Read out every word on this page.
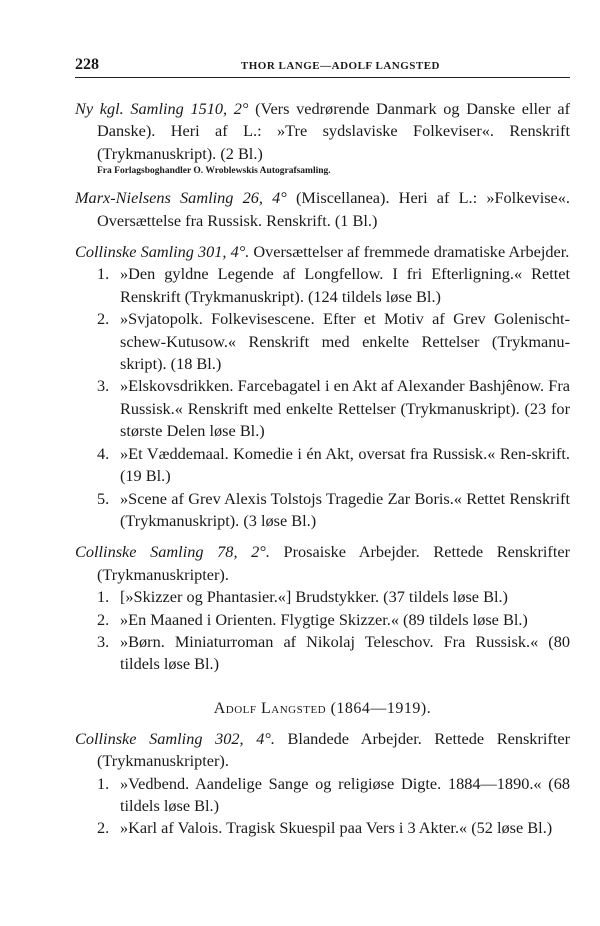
228	THOR LANGE—ADOLF LANGSTED
Ny kgl. Samling 1510, 2° (Vers vedrørende Danmark og Danske eller af Danske). Heri af L.: »Tre sydslaviske Folkeviser«. Renskrift (Trykmanuskript). (2 Bl.)
Fra Forlagsboghandler O. Wroblewskis Autografsamling.
Marx-Nielsens Samling 26, 4° (Miscellanea). Heri af L.: »Folkevise«. Oversættelse fra Russisk. Renskrift. (1 Bl.)
Collinske Samling 301, 4°. Oversættelser af fremmede dramatiske Arbejder.
1. »Den gyldne Legende af Longfellow. I fri Efterligning.« Rettet Renskrift (Trykmanuskript). (124 tildels løse Bl.)
2. »Svjatopolk. Folkevisescene. Efter et Motiv af Grev Golenischt-schew-Kutusow.« Renskrift med enkelte Rettelser (Trykmanu-skript). (18 Bl.)
3. »Elskovsdrikken. Farcebagatel i en Akt af Alexander Bashjênow. Fra Russisk.« Renskrift med enkelte Rettelser (Trykmanuskript). (23 for største Delen løse Bl.)
4. »Et Væddemaal. Komedie i én Akt, oversat fra Russisk.« Ren-skrift. (19 Bl.)
5. »Scene af Grev Alexis Tolstojs Tragedie Zar Boris.« Rettet Renskrift (Trykmanuskript). (3 løse Bl.)
Collinske Samling 78, 2°. Prosaiske Arbejder. Rettede Renskrifter (Trykmanuskripter).
1. [»Skizzer og Phantasier.«] Brudstykker. (37 tildels løse Bl.)
2. »En Maaned i Orienten. Flygtige Skizzer.« (89 tildels løse Bl.)
3. »Børn. Miniaturroman af Nikolaj Teleschov. Fra Russisk.« (80 tildels løse Bl.)
Adolf Langsted (1864—1919).
Collinske Samling 302, 4°. Blandede Arbejder. Rettede Renskrifter (Trykmanuskripter).
1. »Vedbend. Aandelige Sange og religiøse Digte. 1884—1890.« (68 tildels løse Bl.)
2. »Karl af Valois. Tragisk Skuespil paa Vers i 3 Akter.« (52 løse Bl.)
